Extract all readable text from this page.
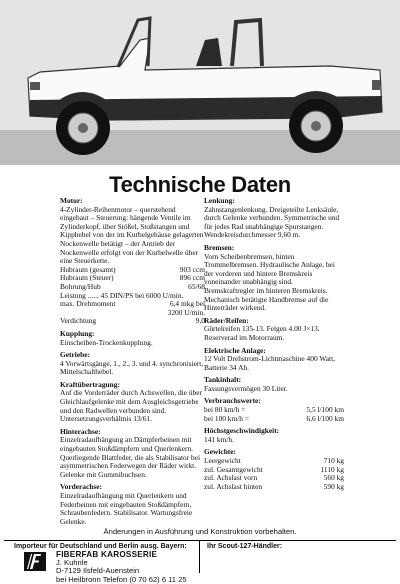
Technische Daten
Motor:
4-Zylinder-Reihenmotor – querstehend eingebaut – Steuerung: hängende Ventile im Zylinderkopf, über Stößel, Stoßstangen und Kipphebel von der im Kurbelgehäuse gelagerten Nockenwelle betätigt – der Antrieb der Nockenwelle erfolgt von der Kurbelwelle über eine Steuerkette.
Hubraum (gesamt)	903 ccm
Hubraum (Steuer)	896 ccm
Bohrung/Hub	65/68
Leistung ...... 45 DIN/PS bei 6000 U/min.
max. Drehmoment	6,4 mkg bei
3200 U/min.
Verdichtung	9,0
Kupplung:
Einscheiben-Trockenkupplung.
Getriebe:
4 Vorwärtsgänge, 1., 2., 3. und 4. synchronisiert, Mittelschalthebel.
Kraftübertragung:
Auf die Vorderräder durch Achswellen, die über Gleichlaufgelenke mit dem Ausgleichsgetriebe und den Radwellen verbunden sind. Untersetzungsverhältnis 13/61.
Hinterachse:
Einzelradaufhängung an Dämpferbeinen mit eingebauten Stoßdämpfern und Querlenkern. Querliegende Blattfeder, die als Stabilisator bei asymmetrischen Federwegen der Räder wirkt. Gelenke mit Gummibuchsen.
Vorderachse:
Einzelradaufhängung mit Querlenkern und Federbeinen mit eingebauten Stoßdämpfern, Schraubenfedern. Stabilisator. Wartungsfreie Gelenke.
Lenkung:
Zahnstangenlenkung. Dreigeteilte Lenksäule, durch Gelenke verbunden. Symmetrische und für jedes Rad unabhängige Spurstangen. Wendekreisdurchmesser 9,60 m.
Bremsen:
Vorn Scheibenbremsen, hinten Trommelbremsen. Hydraulische Anlage, bei der vorderen und hintere Bremskreis voneinander unabhängig sind. Bremskraftregler im hinteren Bremskreis. Mechanisch betätigte Handbremse auf die Hinterräder wirkend.
Räder/Reifen:
Gürtelreifen 135-13. Felgen 4.00 J×13. Reserverad im Motorraum.
Elektrische Anlage:
12 Volt Drehstrom-Lichtmaschine 400 Watt, Batterie 34 Ah.
Tankinhalt:
Fassungsvermögen 30 Liter.
Verbrauchswerte:
bei 80 km/h =	5,5 l/100 km
bei 100 km/h =	6,6 l/100 km
Höchstgeschwindigkeit:
141 km/h.
Gewichte:
Leergewicht	710 kg
zul. Gesamtgewicht	1110 kg
zul. Achslast vorn	560 kg
zul. Achslast hinten	590 kg
Änderungen in Ausführung und Konstruktion vorbehalten.
Importeur für Deutschland und Berlin ausg. Bayern:
FIBERFAB KAROSSERIE
J. Kuhnle
D-7129 Ilsfeld-Auenstein
bei Heilbronn Telefon (0 70 62) 6 11 25
Ihr Scout-127-Händler:
